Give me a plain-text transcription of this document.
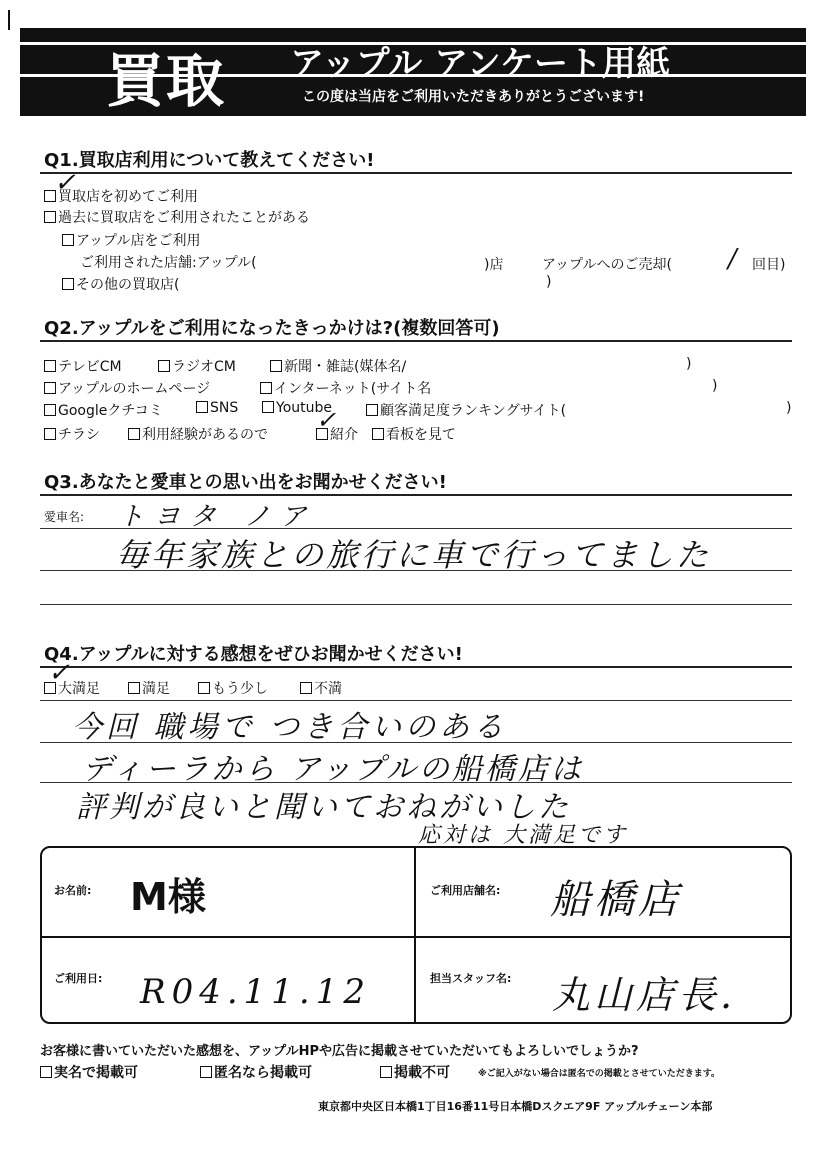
買取 アップル アンケート用紙
この度は当店をご利用いただきありがとうございます!
Q1.買取店利用について教えてください!
買取店を初めてご利用
✓
過去に買取店をご利用されたことがある
アップル店をご利用
ご利用された店舗:アップル(	)店	アップルへのご売却( / 回目)
その他の買取店(	)
Q2.アップルをご利用になったきっかけは?(複数回答可)
テレビCM	ラジオCM	新聞・雑誌(媒体名/	)
アップルのホームページ	インターネット(サイト名	)
Googleクチコミ	SNS	Youtube	顧客満足度ランキングサイト(	)
チラシ	利用経験があるので	紹介
✓
看板を見て
Q3.あなたと愛車との思い出をお聞かせください!
愛車名: トヨタ ノア
毎年家族との旅行に車で行ってました
Q4.アップルに対する感想をぜひお聞かせください!
大満足
✓
満足	もう少し	不満
今回 職場で つき合いのある
ディーラから アップルの船橋店は
評判が良いと聞いておねがいした
応対は 大満足です
お名前: M様	ご利用店舗名: 船橋店
ご利用日: R04.11.12	担当スタッフ名: 丸山店長.
お客様に書いていただいた感想を、アップルHPや広告に掲載させていただいてもよろしいでしょうか?
実名で掲載可	匿名なら掲載可	掲載不可	※ご記入がない場合は匿名での掲載とさせていただきます。
東京都中央区日本橋1丁目16番11号日本橋Dスクエア9F アップルチェーン本部
